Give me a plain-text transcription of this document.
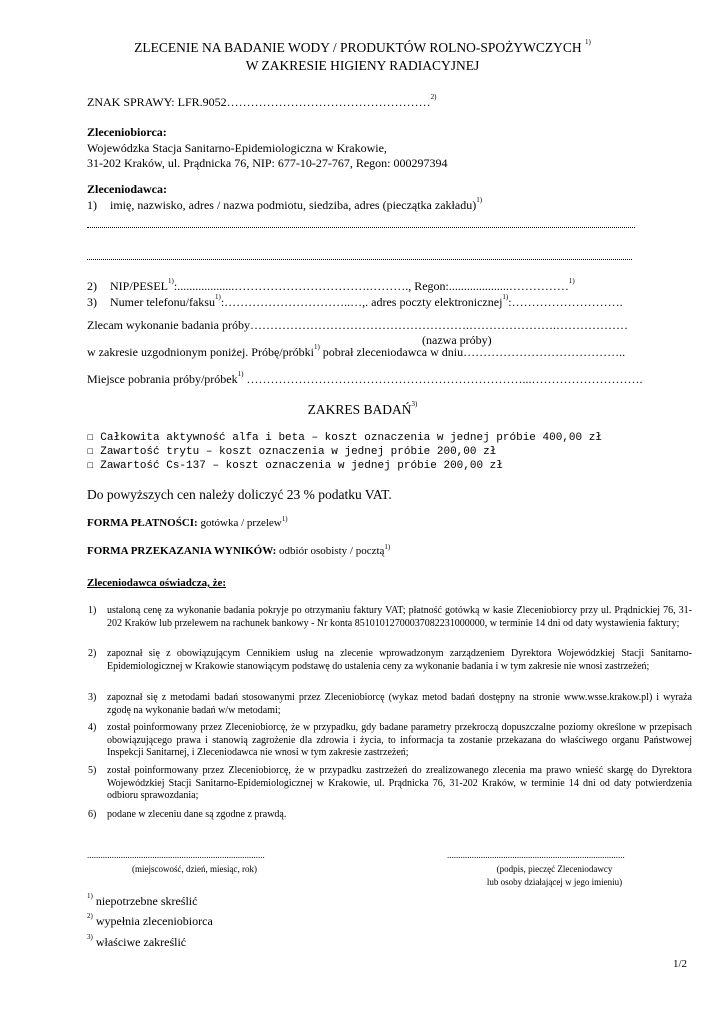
ZLECENIE NA BADANIE WODY / PRODUKTÓW ROLNO-SPOŻYWCZYCH $^{1)}$
W ZAKRESIE HIGIENY RADIACYJNEJ
ZNAK SPRAWY: LFR.9052……………………………………………$^{2)}$
Zleceniobiorca:
Wojewódzka Stacja Sanitarno-Epidemiologiczna w Krakowie,
31-202 Kraków, ul. Prądnicka 76, NIP: 677-10-27-767, Regon: 000297394
Zleceniodawca:
1) imię, nazwisko, adres / nazwa podmiotu, siedziba, adres (pieczątka zakładu)$^{1)}$
2) NIP/PESEL$^{1)}$:...................…………………………….………., Regon:....................……………$^{1)}$
3) Numer telefonu/faksu$^{1)}$:…………………………..…,. adres poczty elektronicznej$^{1)}$:……………………….
Zlecam wykonanie badania próby……………………………………………….………………….………………
(nazwa próby)
w zakresie uzgodnionym poniżej. Próbę/próbki$^{1)}$ pobrał zleceniodawca w dniu…………………………………..
Miejsce pobrania próby/próbek$^{1)}$ ……………………………………………………………...……………………….
ZAKRES BADAŃ$^{3)}$
☐ Całkowita aktywność alfa i beta – koszt oznaczenia w jednej próbie 400,00 zł
☐ Zawartość trytu – koszt oznaczenia w jednej próbie 200,00 zł
☐ Zawartość Cs-137 – koszt oznaczenia w jednej próbie 200,00 zł
Do powyższych cen należy doliczyć 23 % podatku VAT.
FORMA PŁATNOŚCI: gotówka / przelew$^{1)}$
FORMA PRZEKAZANIA WYNIKÓW: odbiór osobisty / pocztą$^{1)}$
Zleceniodawca oświadcza, że:
1)	ustaloną cenę za wykonanie badania pokryje po otrzymaniu faktury VAT; płatność gotówką w kasie Zleceniobiorcy przy ul. Prądnickiej 76, 31-202 Kraków lub przelewem na rachunek bankowy - Nr konta 85101012700037082231000000, w terminie 14 dni od daty wystawienia faktury;
2)	zapoznał się z obowiązującym Cennikiem usług na zlecenie wprowadzonym zarządzeniem Dyrektora Wojewódzkiej Stacji Sanitarno-Epidemiologicznej w Krakowie stanowiącym podstawę do ustalenia ceny za wykonanie badania i w tym zakresie nie wnosi zastrzeżeń;
3)	zapoznał się z metodami badań stosowanymi przez Zleceniobiorcę (wykaz metod badań dostępny na stronie www.wsse.krakow.pl) i wyraża zgodę na wykonanie badań w/w metodami;
4)	został poinformowany przez Zleceniobiorcę, że w przypadku, gdy badane parametry przekroczą dopuszczalne poziomy określone w przepisach obowiązującego prawa i stanowią zagrożenie dla zdrowia i życia, to informacja ta zostanie przekazana do właściwego organu Państwowej Inspekcji Sanitarnej, i Zleceniodawca nie wnosi w tym zakresie zastrzeżeń;
5)	został poinformowany przez Zleceniobiorcę, że w przypadku zastrzeżeń do zrealizowanego zlecenia ma prawo wnieść skargę do Dyrektora Wojewódzkiej Stacji Sanitarno-Epidemiologicznej w Krakowie, ul. Prądnicka 76, 31-202 Kraków, w terminie 14 dni od daty potwierdzenia odbioru sprawozdania;
6)	podane w zleceniu dane są zgodne z prawdą.
...............................................................................
(miejscowość, dzień, miesiąc, rok)
...............................................................................
(podpis, pieczęć Zleceniodawcy
lub osoby działającej w jego imieniu)
$^{1)}$ niepotrzebne skreślić
$^{2)}$ wypełnia zleceniobiorca
$^{3)}$ właściwe zakreślić
1/2
